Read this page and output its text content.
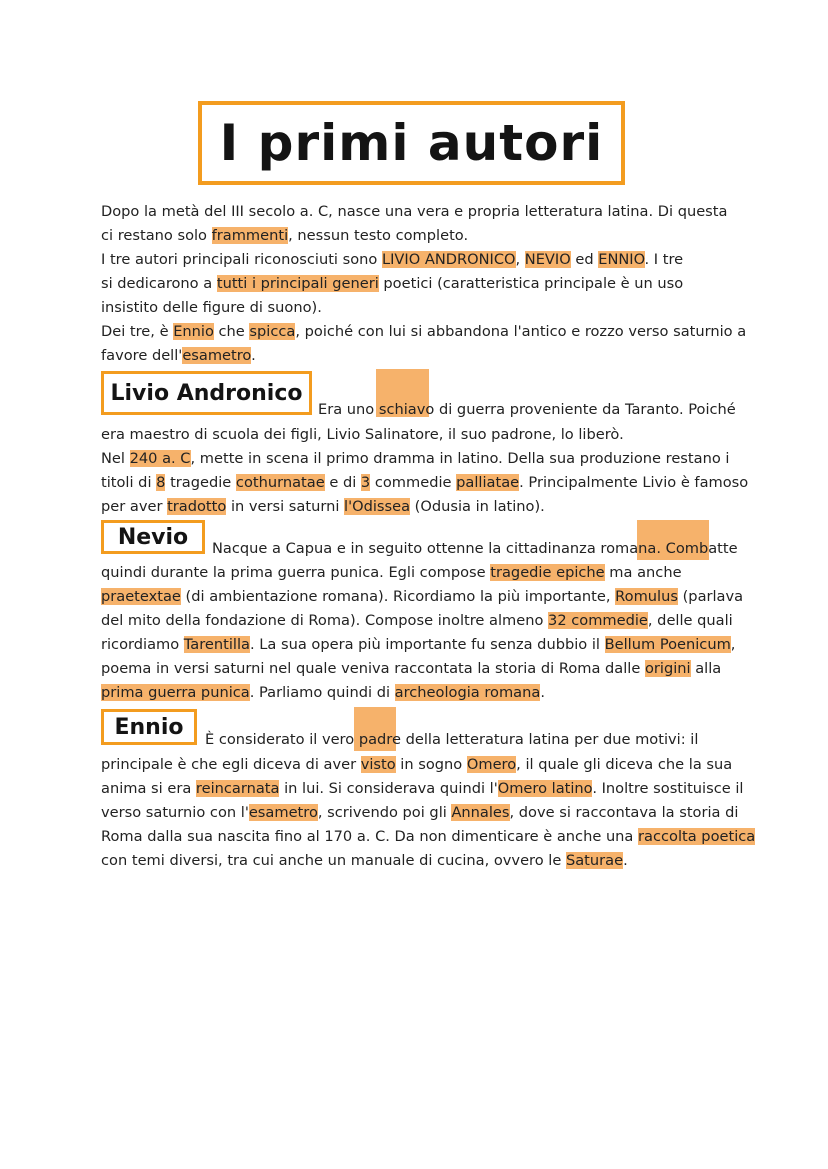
I primi autori
Dopo la metà del III secolo a. C, nasce una vera e propria letteratura latina. Di questa
ci restano solo frammenti, nessun testo completo.
I tre autori principali riconosciuti sono LIVIO ANDRONICO, NEVIO ed ENNIO. I tre
si dedicarono a tutti i principali generi poetici (caratteristica principale è un uso
insistito delle figure di suono).
Dei tre, è Ennio che spicca, poiché con lui si abbandona l'antico e rozzo verso saturnio a
favore dell'esametro.
Livio Andronico
Era uno schiavo di guerra proveniente da Taranto. Poiché
era maestro di scuola dei figli, Livio Salinatore, il suo padrone, lo liberò.
Nel 240 a. C, mette in scena il primo dramma in latino. Della sua produzione restano i
titoli di 8 tragedie cothurnatae e di 3 commedie palliatae. Principalmente Livio è famoso
per aver tradotto in versi saturni l'Odissea (Odusia in latino).
Nevio Nacque a Capua e in seguito ottenne la cittadinanza romana. Combatte
quindi durante la prima guerra punica. Egli compose tragedie epiche ma anche
praetextae (di ambientazione romana). Ricordiamo la più importante, Romulus (parlava
del mito della fondazione di Roma). Compose inoltre almeno 32 commedie, delle quali
ricordiamo Tarentilla. La sua opera più importante fu senza dubbio il Bellum Poenicum,
poema in versi saturni nel quale veniva raccontata la storia di Roma dalle origini alla
prima guerra punica. Parliamo quindi di archeologia romana.
Ennio È considerato il vero padre della letteratura latina per due motivi: il
principale è che egli diceva di aver visto in sogno Omero, il quale gli diceva che la sua
anima si era reincarnata in lui. Si considerava quindi l'Omero latino. Inoltre sostituisce il
verso saturnio con l'esametro, scrivendo poi gli Annales, dove si raccontava la storia di
Roma dalla sua nascita fino al 170 a. C. Da non dimenticare è anche una raccolta poetica
con temi diversi, tra cui anche un manuale di cucina, ovvero le Saturae.
